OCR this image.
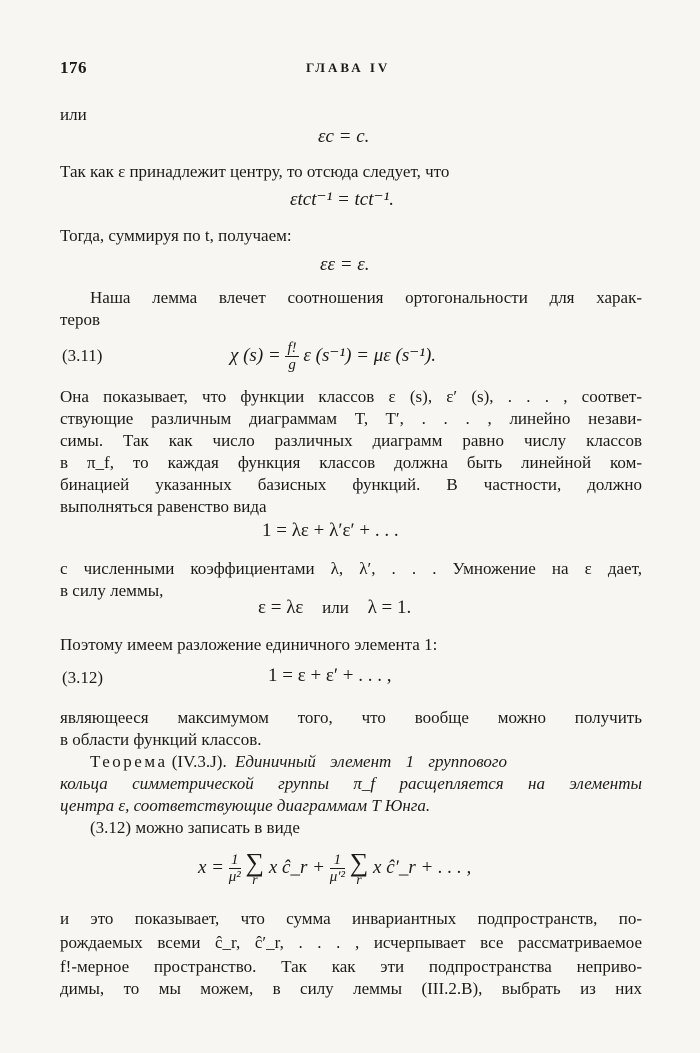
176	ГЛАВА IV
или
εc = c.
Так как ε принадлежит центру, то отсюда следует, что
εtct⁻¹ = tct⁻¹.
Тогда, суммируя по t, получаем:
εε = ε.
Наша лемма влечет соотношения ортогональности для харак-
теров
(3.11)	χ $(s) = \frac{f!}{g}$ ε (s⁻¹) = με (s⁻¹).
Она показывает, что функции классов ε (s), ε′ (s), . . . , соответ-
ствующие различным диаграммам T, T′, . . . , линейно незави-
симы. Так как число различных диаграмм равно числу классов
в π_f, то каждая функция классов должна быть линейной ком-
бинацией указанных базисных функций. В частности, должно
выполняться равенство вида
1 = λε + λ′ε′ + . . .
с численными коэффициентами λ, λ′, . . . Умножение на ε дает,
в силу леммы,
ε = λε или λ = 1.
Поэтому имеем разложение единичного элемента 1:
(3.12)	1 = ε + ε′ + . . . ,
являющееся максимумом того, что вообще можно получить
в области функций классов.
Теорема (IV.3.J). Единичный элемент 1 группового
кольца симметрической группы π_f расщепляется на элементы
центра ε, соответствующие диаграммам T Юнга.
(3.12) можно записать в виде
$x = \frac{1}{\text{μ²}}$
∑
r
x ĉ_r + $\frac{1}{\text{μ′²}}$
∑
r
x ĉ′_r + . . . ,
и это показывает, что сумма инвариантных подпространств, по-
рождаемых всеми ĉ_r, ĉ′_r, . . . , исчерпывает все рассматриваемое
f!-мерное пространство. Так как эти подпространства неприво-
димы, то мы можем, в силу леммы (III.2.B), выбрать из них
